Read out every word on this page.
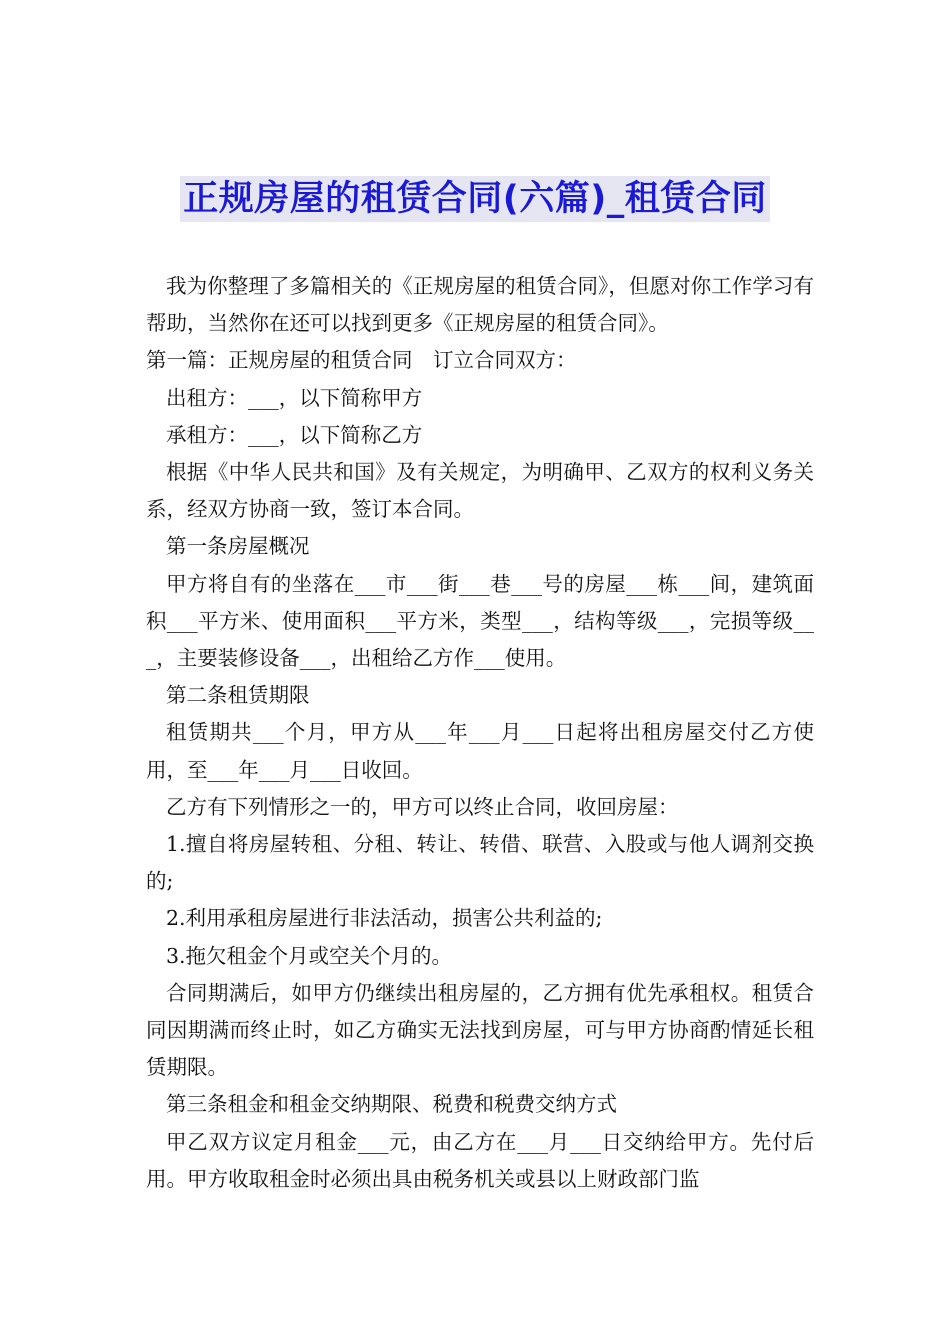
正规房屋的租赁合同(六篇)_租赁合同

我为你整理了多篇相关的《正规房屋的租赁合同》，但愿对你工作学习有帮助，当然你在还可以找到更多《正规房屋的租赁合同》。

第一篇：正规房屋的租赁合同　订立合同双方：

出租方：___，以下简称甲方

承租方：___，以下简称乙方

根据《中华人民共和国》及有关规定，为明确甲、乙双方的权利义务关系，经双方协商一致，签订本合同。

第一条房屋概况

甲方将自有的坐落在___市___街___巷___号的房屋___栋___间，建筑面积___平方米、使用面积___平方米，类型___，结构等级___，完损等级___，主要装修设备___，出租给乙方作___使用。

第二条租赁期限

租赁期共___个月，甲方从___年___月___日起将出租房屋交付乙方使用，至___年___月___日收回。

乙方有下列情形之一的，甲方可以终止合同，收回房屋：

1.擅自将房屋转租、分租、转让、转借、联营、入股或与他人调剂交换的;

2.利用承租房屋进行非法活动，损害公共利益的;

3.拖欠租金个月或空关个月的。

合同期满后，如甲方仍继续出租房屋的，乙方拥有优先承租权。租赁合同因期满而终止时，如乙方确实无法找到房屋，可与甲方协商酌情延长租赁期限。

第三条租金和租金交纳期限、税费和税费交纳方式

甲乙双方议定月租金___元，由乙方在___月___日交纳给甲方。先付后用。甲方收取租金时必须出具由税务机关或县以上财政部门监
